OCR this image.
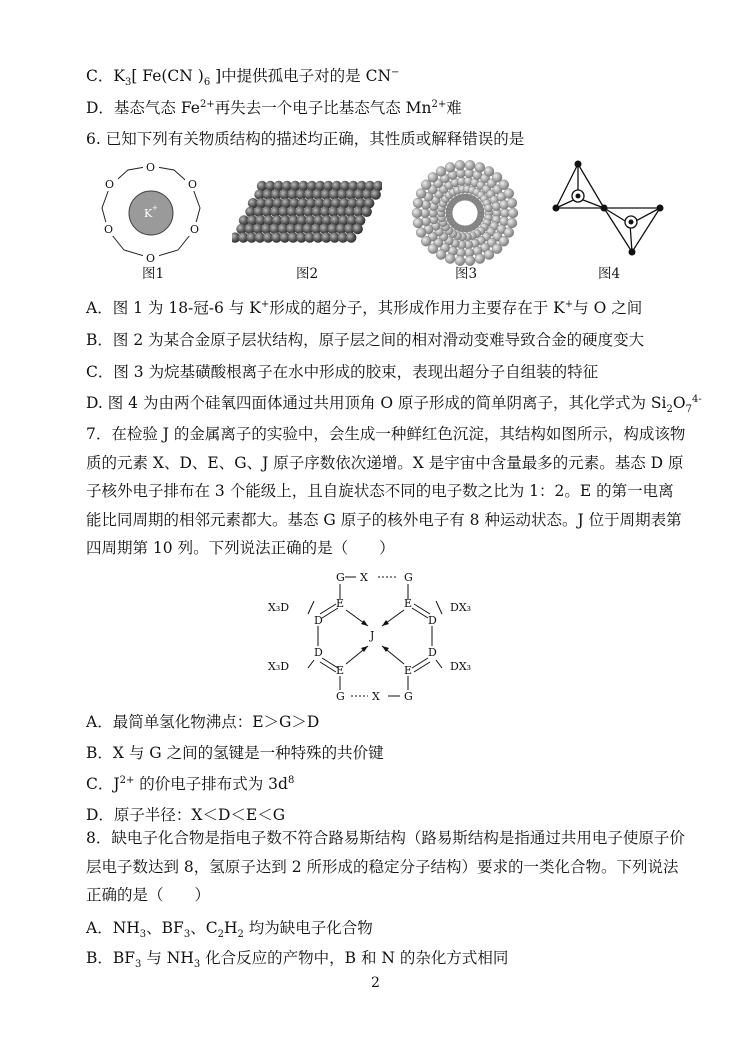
C．$K_3$[ Fe(CN )$_6$ ]中提供孤电子对的是 CN−
D．基态气态 $Fe^{2+}$再失去一个电子比基态气态 $Mn^{2+}$难
6. 已知下列有关物质结构的描述均正确，其性质或解释错误的是
K +
O
O
O
O
O
O
图1	图2	图3	图4
A．图 1 为 18-冠-6 与 K+形成的超分子，其形成作用力主要存在于 K+与 O 之间
B．图 2 为某合金原子层状结构，原子层之间的相对滑动变难导致合金的硬度变大
C．图 3 为烷基磺酸根离子在水中形成的胶束，表现出超分子自组装的特征
D. 图 4 为由两个硅氧四面体通过共用顶角 O 原子形成的简单阴离子，其化学式为 $Si_2O_7^{4-}$
7．在检验 J 的金属离子的实验中，会生成一种鲜红色沉淀，其结构如图所示，构成该物质的元素 X、D、E、G、J 原子序数依次递增。X 是宇宙中含量最多的元素。基态 D 原子核外电子排布在 3 个能级上，且自旋状态不同的电子数之比为 1：2。E 的第一电离能比同周期的相邻元素都大。基态 G 原子的核外电子有 8 种运动状态。J 位于周期表第四周期第 10 列。下列说法正确的是（　　）
G X	G
E	E
X₃D	DX₃
D	D
J
D	D
X₃D	DX₃
E	E
G X G
A．最简单氢化物沸点：E＞G＞D
B．X 与 G 之间的氢键是一种特殊的共价键
C．$J^{2+}$ 的价电子排布式为 $3d^8$
D．原子半径：X＜D＜E＜G
8．缺电子化合物是指电子数不符合路易斯结构（路易斯结构是指通过共用电子使原子价层电子数达到 8，氢原子达到 2 所形成的稳定分子结构）要求的一类化合物。下列说法正确的是（　　）
A．$NH_3$、$BF_3$、$C_2H_2$ 均为缺电子化合物
B．$BF_3$ 与 $NH_3$ 化合反应的产物中，B 和 N 的杂化方式相同
2
